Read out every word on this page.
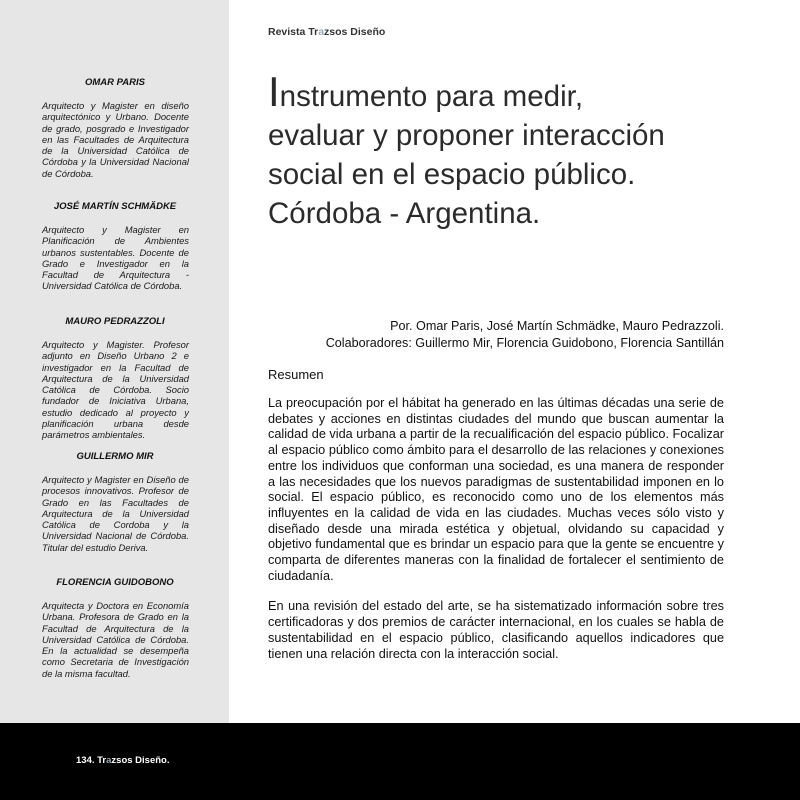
OMAR PARIS

Arquitecto y Magister en diseño arquitectónico y Urbano. Docente de grado, posgrado e Investigador en las Facultades de Arquitectura de la Universidad Católica de Córdoba y la Universidad Nacional de Córdoba.

JOSÉ MARTÍN SCHMÄDKE

Arquitecto y Magister en Planificación de Ambientes urbanos sustentables. Docente de Grado e Investigador en la Facultad de Arquitectura - Universidad Católica de Córdoba.

MAURO PEDRAZZOLI

Arquitecto y Magister. Profesor adjunto en Diseño Urbano 2 e investigador en la Facultad de Arquitectura de la Universidad Católica de Córdoba. Socio fundador de Iniciativa Urbana, estudio dedicado al proyecto y planificación urbana desde parámetros ambientales.

GUILLERMO MIR

Arquitecto y Magister en Diseño de procesos innovativos. Profesor de Grado en las Facultades de Arquitectura de la Universidad Católica de Cordoba y la Universidad Nacional de Córdoba. Titular del estudio Deriva.

FLORENCIA GUIDOBONO

Arquitecta y Doctora en Economía Urbana. Profesora de Grado en la Facultad de Arquitectura de la Universidad Católica de Córdoba. En la actualidad se desempeña como Secretaria de Investigación de la misma facultad.

Revista Trazsos Diseño
Instrumento para medir,
evaluar y proponer interacción
social en el espacio público.
Córdoba - Argentina.

Por. Omar Paris, José Martín Schmädke, Mauro Pedrazzoli.
Colaboradores: Guillermo Mir, Florencia Guidobono, Florencia Santillán

Resumen

La preocupación por el hábitat ha generado en las últimas décadas una serie de debates y acciones en distintas ciudades del mundo que buscan aumentar la calidad de vida urbana a partir de la recualificación del espacio público. Focalizar al espacio público como ámbito para el desarrollo de las relaciones y conexiones entre los individuos que conforman una sociedad, es una manera de responder a las necesidades que los nuevos paradigmas de sustentabilidad imponen en lo social. El espacio público, es reconocido como uno de los elementos más influyentes en la calidad de vida en las ciudades. Muchas veces sólo visto y diseñado desde una mirada estética y objetual, olvidando su capacidad y objetivo fundamental que es brindar un espacio para que la gente se encuentre y comparta de diferentes maneras con la finalidad de fortalecer el sentimiento de ciudadanía.

En una revisión del estado del arte, se ha sistematizado información sobre tres certificadoras y dos premios de carácter internacional, en los cuales se habla de sustentabilidad en el espacio público, clasificando aquellos indicadores que tienen una relación directa con la interacción social.

134. Trazsos Diseño.
